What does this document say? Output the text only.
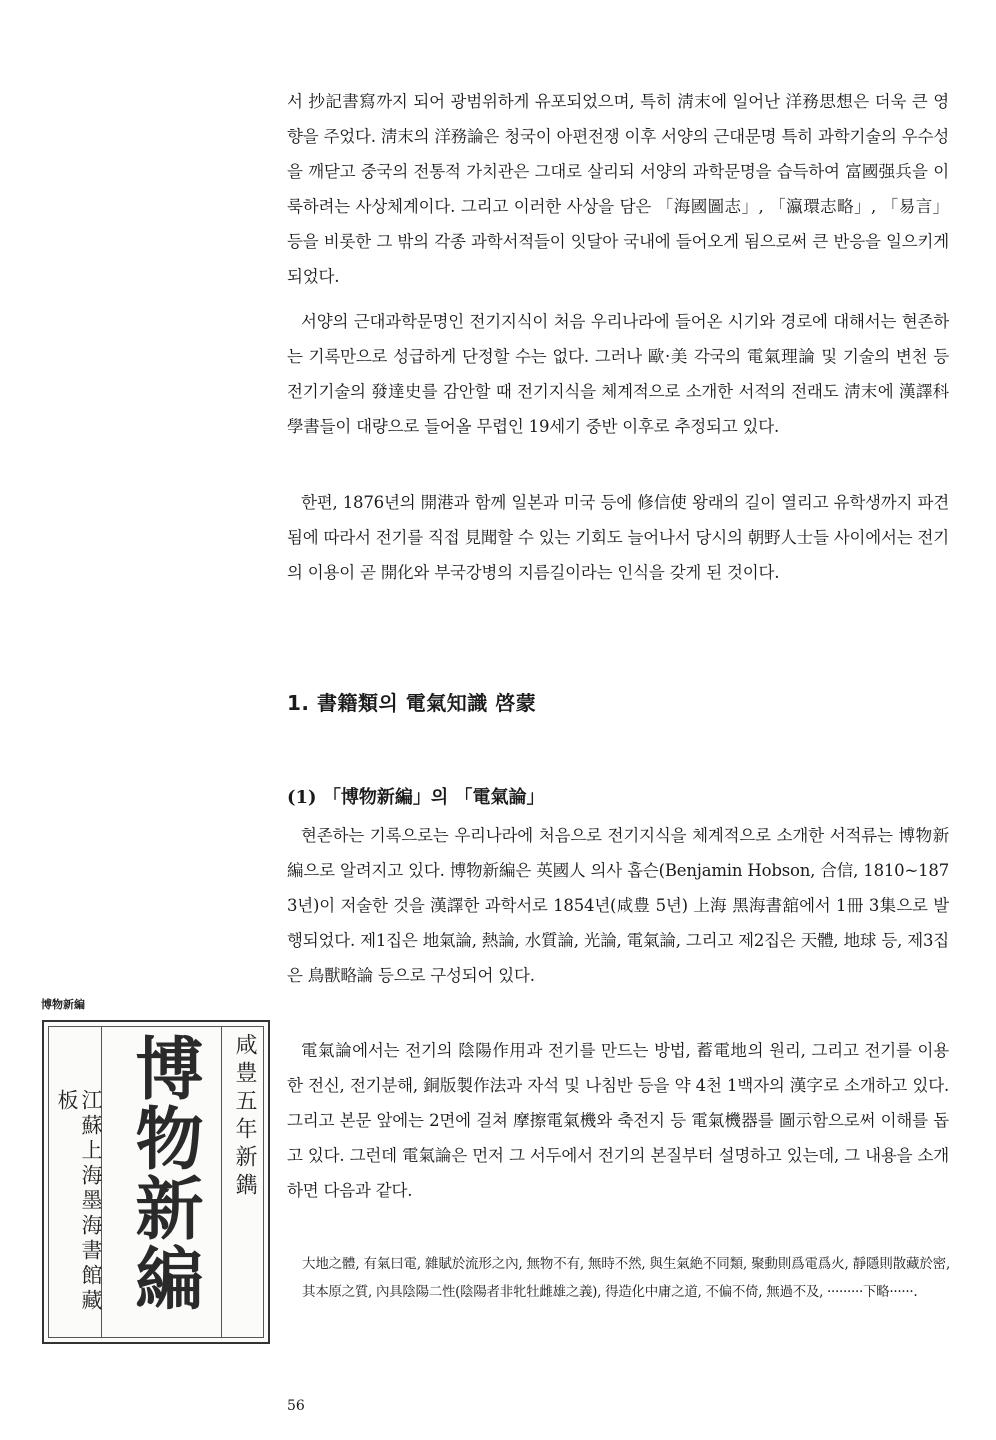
서 抄記書寫까지 되어 광범위하게 유포되었으며, 특히 淸末에 일어난 洋務思想은 더욱 큰 영향을 주었다. 淸末의 洋務論은 청국이 아편전쟁 이후 서양의 근대문명 특히 과학기술의 우수성을 깨닫고 중국의 전통적 가치관은 그대로 살리되 서양의 과학문명을 습득하여 富國强兵을 이룩하려는 사상체계이다. 그리고 이러한 사상을 담은 「海國圖志」, 「瀛環志略」, 「易言」 등을 비롯한 그 밖의 각종 과학서적들이 잇달아 국내에 들어오게 됨으로써 큰 반응을 일으키게 되었다.

서양의 근대과학문명인 전기지식이 처음 우리나라에 들어온 시기와 경로에 대해서는 현존하는 기록만으로 성급하게 단정할 수는 없다. 그러나 歐·美 각국의 電氣理論 및 기술의 변천 등 전기기술의 發達史를 감안할 때 전기지식을 체계적으로 소개한 서적의 전래도 淸末에 漢譯科學書들이 대량으로 들어올 무렵인 19세기 중반 이후로 추정되고 있다.

한편, 1876년의 開港과 함께 일본과 미국 등에 修信使 왕래의 길이 열리고 유학생까지 파견됨에 따라서 전기를 직접 見聞할 수 있는 기회도 늘어나서 당시의 朝野人士들 사이에서는 전기의 이용이 곧 開化와 부국강병의 지름길이라는 인식을 갖게 된 것이다.

1. 書籍類의 電氣知識 啓蒙
(1) 「博物新編」의 「電氣論」

현존하는 기록으로는 우리나라에 처음으로 전기지식을 체계적으로 소개한 서적류는 博物新編으로 알려지고 있다. 博物新編은 英國人 의사 홉슨(Benjamin Hobson, 合信, 1810~1873년)이 저술한 것을 漢譯한 과학서로 1854년(咸豊 5년) 上海 黑海書舘에서 1冊 3集으로 발행되었다. 제1집은 地氣論, 熱論, 水質論, 光論, 電氣論, 그리고 제2집은 天體, 地球 등, 제3집은 鳥獸略論 등으로 구성되어 있다.

電氣論에서는 전기의 陰陽作用과 전기를 만드는 방법, 蓄電地의 원리, 그리고 전기를 이용한 전신, 전기분해, 銅版製作法과 자석 및 나침반 등을 약 4천 1백자의 漢字로 소개하고 있다. 그리고 본문 앞에는 2면에 걸쳐 摩擦電氣機와 축전지 등 電氣機器를 圖示함으로써 이해를 돕고 있다. 그런데 電氣論은 먼저 그 서두에서 전기의 본질부터 설명하고 있는데, 그 내용을 소개하면 다음과 같다.

大地之體, 有氣曰電, 雜賦於流形之內, 無物不有, 無時不然, 與生氣絶不同類, 聚動則爲電爲火, 靜隱則散藏於密, 其本原之質, 內具陰陽二性(陰陽者非牝牡雌雄之義), 得造化中庸之道, 不偏不倚, 無過不及, ·········下略······.

博物新編

江蘇上海墨海書館藏板 博物新編 咸豊五年新鐫

56
